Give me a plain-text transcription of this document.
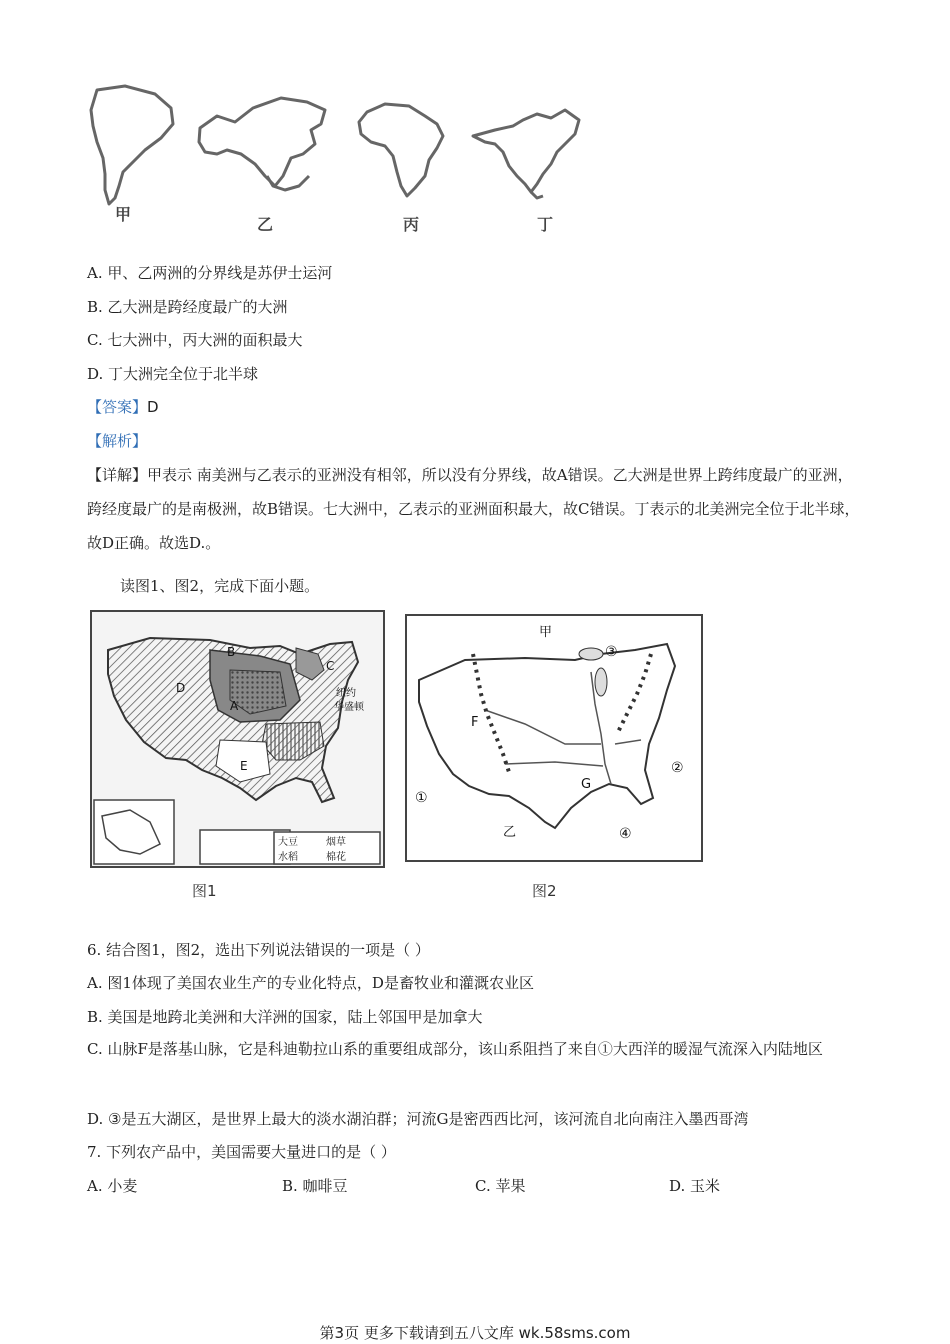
甲
乙	丙	丁
A. 甲、乙两洲的分界线是苏伊士运河
B. 乙大洲是跨经度最广的大洲
C. 七大洲中，丙大洲的面积最大
D. 丁大洲完全位于北半球
【答案】D
【解析】
【详解】甲表示 南美洲与乙表示的亚洲没有相邻，所以没有分界线，故A错误。乙大洲是世界上跨纬度最广的亚洲，跨经度最广的是南极洲，故B错误。七大洲中，乙表示的亚洲面积最大，故C错误。丁表示的北美洲完全位于北半球，故D正确。故选D.。
读图1、图2，完成下面小题。
大豆	烟草
水稻	棉花
D
B
A
E
C
纽约
华盛顿
甲
F
G
乙
①
②
③
④
图1	图2
6. 结合图1，图2，选出下列说法错误的一项是（ ）
A. 图1体现了美国农业生产的专业化特点，D是畜牧业和灌溉农业区
B. 美国是地跨北美洲和大洋洲的国家，陆上邻国甲是加拿大
C. 山脉F是落基山脉，它是科迪勒拉山系的重要组成部分，该山系阻挡了来自①大西洋的暖湿气流深入内陆地区
D. ③是五大湖区，是世界上最大的淡水湖泊群；河流G是密西西比河，该河流自北向南注入墨西哥湾
7. 下列农产品中，美国需要大量进口的是（ ）
A. 小麦	B. 咖啡豆	C. 苹果	D. 玉米
第3页 更多下载请到五八文库 wk.58sms.com
